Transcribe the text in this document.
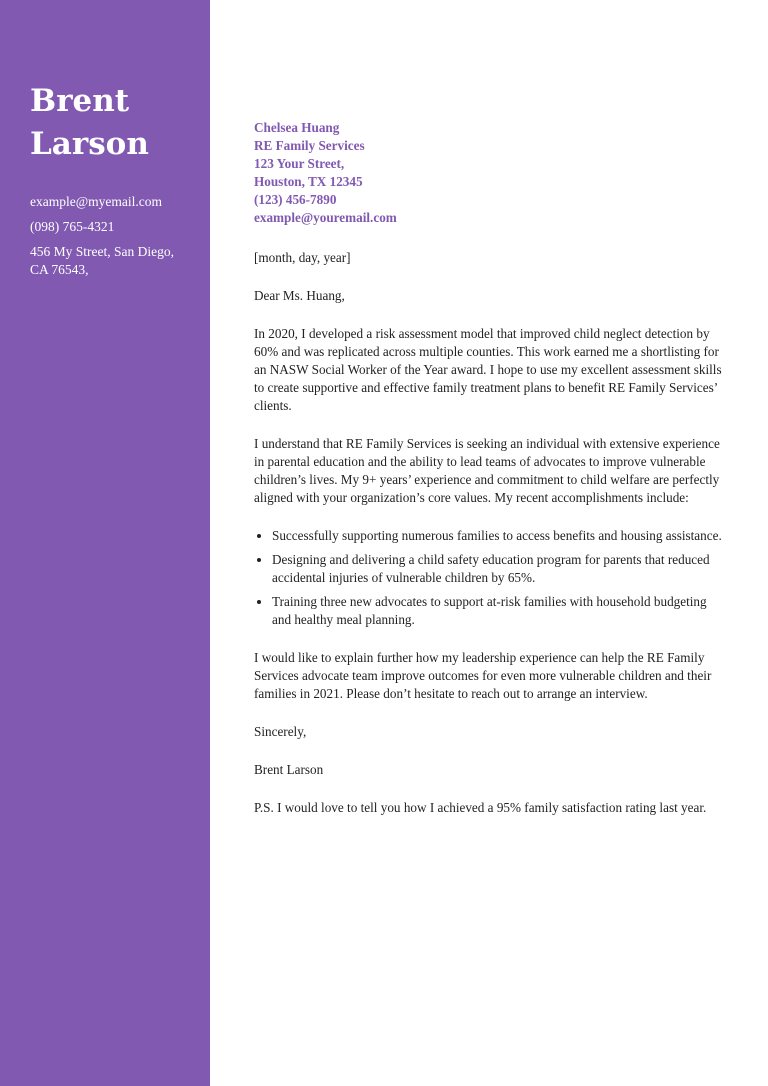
Brent
Larson
example@myemail.com
(098) 765-4321
456 My Street, San Diego, CA 76543,
Chelsea Huang
RE Family Services
123 Your Street,
Houston, TX 12345
(123) 456-7890
example@youremail.com
[month, day, year]
Dear Ms. Huang,

In 2020, I developed a risk assessment model that improved child neglect detection by 60% and was replicated across multiple counties. This work earned me a shortlisting for an NASW Social Worker of the Year award. I hope to use my excellent assessment skills to create supportive and effective family treatment plans to benefit RE Family Services’ clients.

I understand that RE Family Services is seeking an individual with extensive experience in parental education and the ability to lead teams of advocates to improve vulnerable children’s lives. My 9+ years’ experience and commitment to child welfare are perfectly aligned with your organization’s core values. My recent accomplishments include:

• Successfully supporting numerous families to access benefits and housing assistance.
• Designing and delivering a child safety education program for parents that reduced accidental injuries of vulnerable children by 65%.
• Training three new advocates to support at-risk families with household budgeting and healthy meal planning.

I would like to explain further how my leadership experience can help the RE Family Services advocate team improve outcomes for even more vulnerable children and their families in 2021. Please don’t hesitate to reach out to arrange an interview.

Sincerely,
Brent Larson
P.S. I would love to tell you how I achieved a 95% family satisfaction rating last year.
